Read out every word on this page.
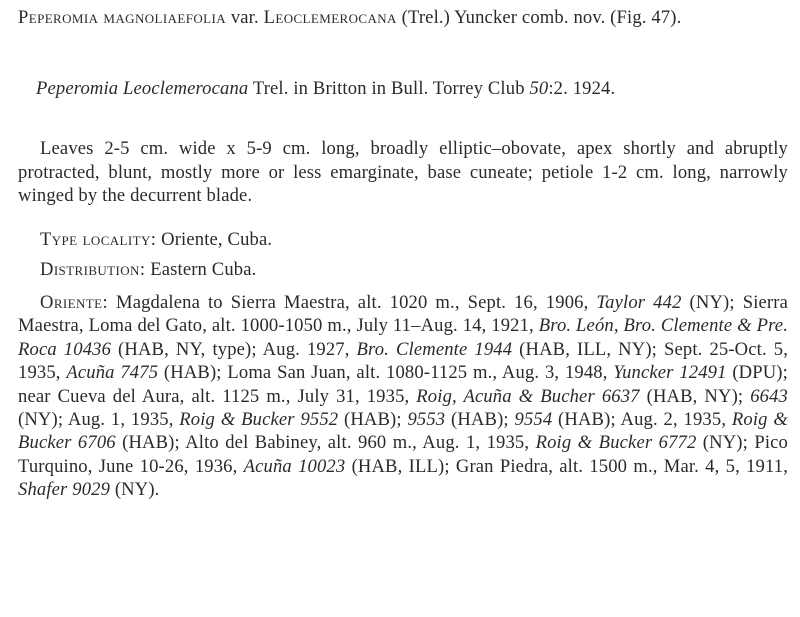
Peperomia magnoliaefolia var. Leoclemerocana (Trel.) Yuncker comb. nov. (Fig. 47).

Peperomia Leoclemerocana Trel. in Britton in Bull. Torrey Club 50:2. 1924.

Leaves 2-5 cm. wide x 5-9 cm. long, broadly elliptic–obovate, apex shortly and abruptly protracted, blunt, mostly more or less emarginate, base cuneate; petiole 1-2 cm. long, narrowly winged by the decurrent blade.

Type locality: Oriente, Cuba.

Distribution: Eastern Cuba.

Oriente: Magdalena to Sierra Maestra, alt. 1020 m., Sept. 16, 1906, Taylor 442 (NY); Sierra Maestra, Loma del Gato, alt. 1000-1050 m., July 11–Aug. 14, 1921, Bro. León, Bro. Clemente & Pre. Roca 10436 (HAB, NY, type); Aug. 1927, Bro. Clemente 1944 (HAB, ILL, NY); Sept. 25-Oct. 5, 1935, Acuña 7475 (HAB); Loma San Juan, alt. 1080-1125 m., Aug. 3, 1948, Yuncker 12491 (DPU); near Cueva del Aura, alt. 1125 m., July 31, 1935, Roig, Acuña & Bucher 6637 (HAB, NY); 6643 (NY); Aug. 1, 1935, Roig & Bucker 9552 (HAB); 9553 (HAB); 9554 (HAB); Aug. 2, 1935, Roig & Bucker 6706 (HAB); Alto del Babiney, alt. 960 m., Aug. 1, 1935, Roig & Bucker 6772 (NY); Pico Turquino, June 10-26, 1936, Acuña 10023 (HAB, ILL); Gran Piedra, alt. 1500 m., Mar. 4, 5, 1911, Shafer 9029 (NY).
